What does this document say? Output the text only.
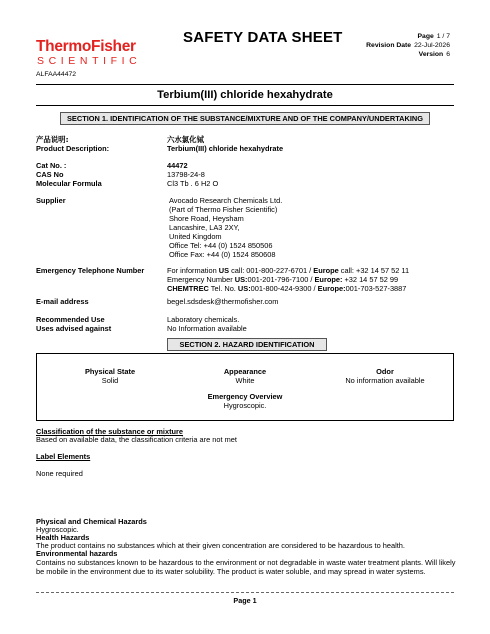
ThermoFisher
SCIENTIFIC
SAFETY DATA SHEET	Page 1 / 7
Revision Date 22-Jul-2026
Version 6
ALFAA44472
Terbium(III) chloride hexahydrate
SECTION 1. IDENTIFICATION OF THE SUBSTANCE/MIXTURE AND OF THE COMPANY/UNDERTAKING
产品说明:	六水氯化铽
Product Description:	Terbium(III) chloride hexahydrate
Cat No. :	44472
CAS No	13798-24-8
Molecular Formula	Cl3 Tb . 6 H2 O
Supplier	Avocado Research Chemicals Ltd.
(Part of Thermo Fisher Scientific)
Shore Road, Heysham
Lancashire, LA3 2XY,
United Kingdom
Office Tel: +44 (0) 1524 850506
Office Fax: +44 (0) 1524 850608
Emergency Telephone Number	For information US call: 001-800-227-6701 / Europe call: +32 14 57 52 11
Emergency Number US:001-201-796-7100 / Europe: +32 14 57 52 99
CHEMTREC Tel. No. US:001-800-424-9300 / Europe:001-703-527-3887
E-mail address	begel.sdsdesk@thermofisher.com
Recommended Use	Laboratory chemicals.
Uses advised against	No Information available
SECTION 2. HAZARD IDENTIFICATION
Physical State
Solid
Appearance
White
Odor
No information available
Emergency Overview
Hygroscopic.
Classification of the substance or mixture
Based on available data, the classification criteria are not met
Label Elements
None required
Physical and Chemical Hazards
Hygroscopic.
Health Hazards
The product contains no substances which at their given concentration are considered to be hazardous to health.
Environmental hazards
Contains no substances known to be hazardous to the environment or not degradable in waste water treatment plants. Will likely
be mobile in the environment due to its water solubility. The product is water soluble, and may spread in water systems.
Page 1
